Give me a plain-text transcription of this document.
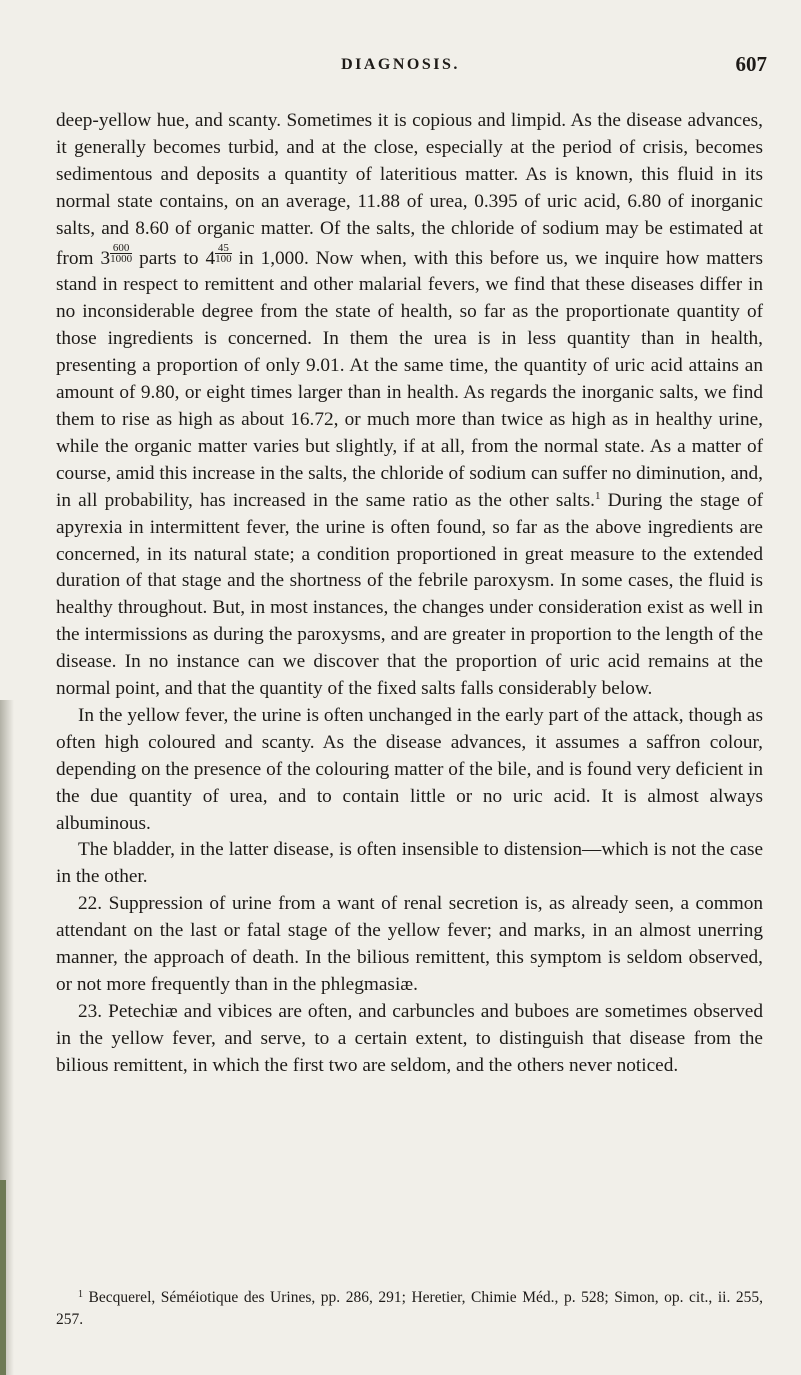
DIAGNOSIS.	607

deep-yellow hue, and scanty. Sometimes it is copious and limpid. As the disease advances, it generally becomes turbid, and at the close, especially at the period of crisis, becomes sedimentous and deposits a quantity of lateritious matter. As is known, this fluid in its normal state contains, on an average, 11.88 of urea, 0.395 of uric acid, 6.80 of inorganic salts, and 8.60 of organic matter. Of the salts, the chloride of sodium may be estimated at from $3 \frac{600}{1000}$ parts to $4 \frac{45}{100}$ in 1,000. Now when, with this before us, we inquire how matters stand in respect to remittent and other malarial fevers, we find that these diseases differ in no inconsiderable degree from the state of health, so far as the proportionate quantity of those ingredients is concerned. In them the urea is in less quantity than in health, presenting a proportion of only 9.01. At the same time, the quantity of uric acid attains an amount of 9.80, or eight times larger than in health. As regards the inorganic salts, we find them to rise as high as about 16.72, or much more than twice as high as in healthy urine, while the organic matter varies but slightly, if at all, from the normal state. As a matter of course, amid this increase in the salts, the chloride of sodium can suffer no diminution, and, in all probability, has increased in the same ratio as the other salts.$^1$ During the stage of apyrexia in intermittent fever, the urine is often found, so far as the above ingredients are concerned, in its natural state; a condition proportioned in great measure to the extended duration of that stage and the shortness of the febrile paroxysm. In some cases, the fluid is healthy throughout. But, in most instances, the changes under consideration exist as well in the intermissions as during the paroxysms, and are greater in proportion to the length of the disease. In no instance can we discover that the proportion of uric acid remains at the normal point, and that the quantity of the fixed salts falls considerably below.

In the yellow fever, the urine is often unchanged in the early part of the attack, though as often high coloured and scanty. As the disease advances, it assumes a saffron colour, depending on the presence of the colouring matter of the bile, and is found very deficient in the due quantity of urea, and to contain little or no uric acid. It is almost always albuminous.

The bladder, in the latter disease, is often insensible to distension—which is not the case in the other.

22. Suppression of urine from a want of renal secretion is, as already seen, a common attendant on the last or fatal stage of the yellow fever; and marks, in an almost unerring manner, the approach of death. In the bilious remittent, this symptom is seldom observed, or not more frequently than in the phlegmasiæ.

23. Petechiæ and vibices are often, and carbuncles and buboes are sometimes observed in the yellow fever, and serve, to a certain extent, to distinguish that disease from the bilious remittent, in which the first two are seldom, and the others never noticed.

$^1$ Becquerel, Séméiotique des Urines, pp. 286, 291; Heretier, Chimie Méd., p. 528; Simon, op. cit., ii. 255, 257.
